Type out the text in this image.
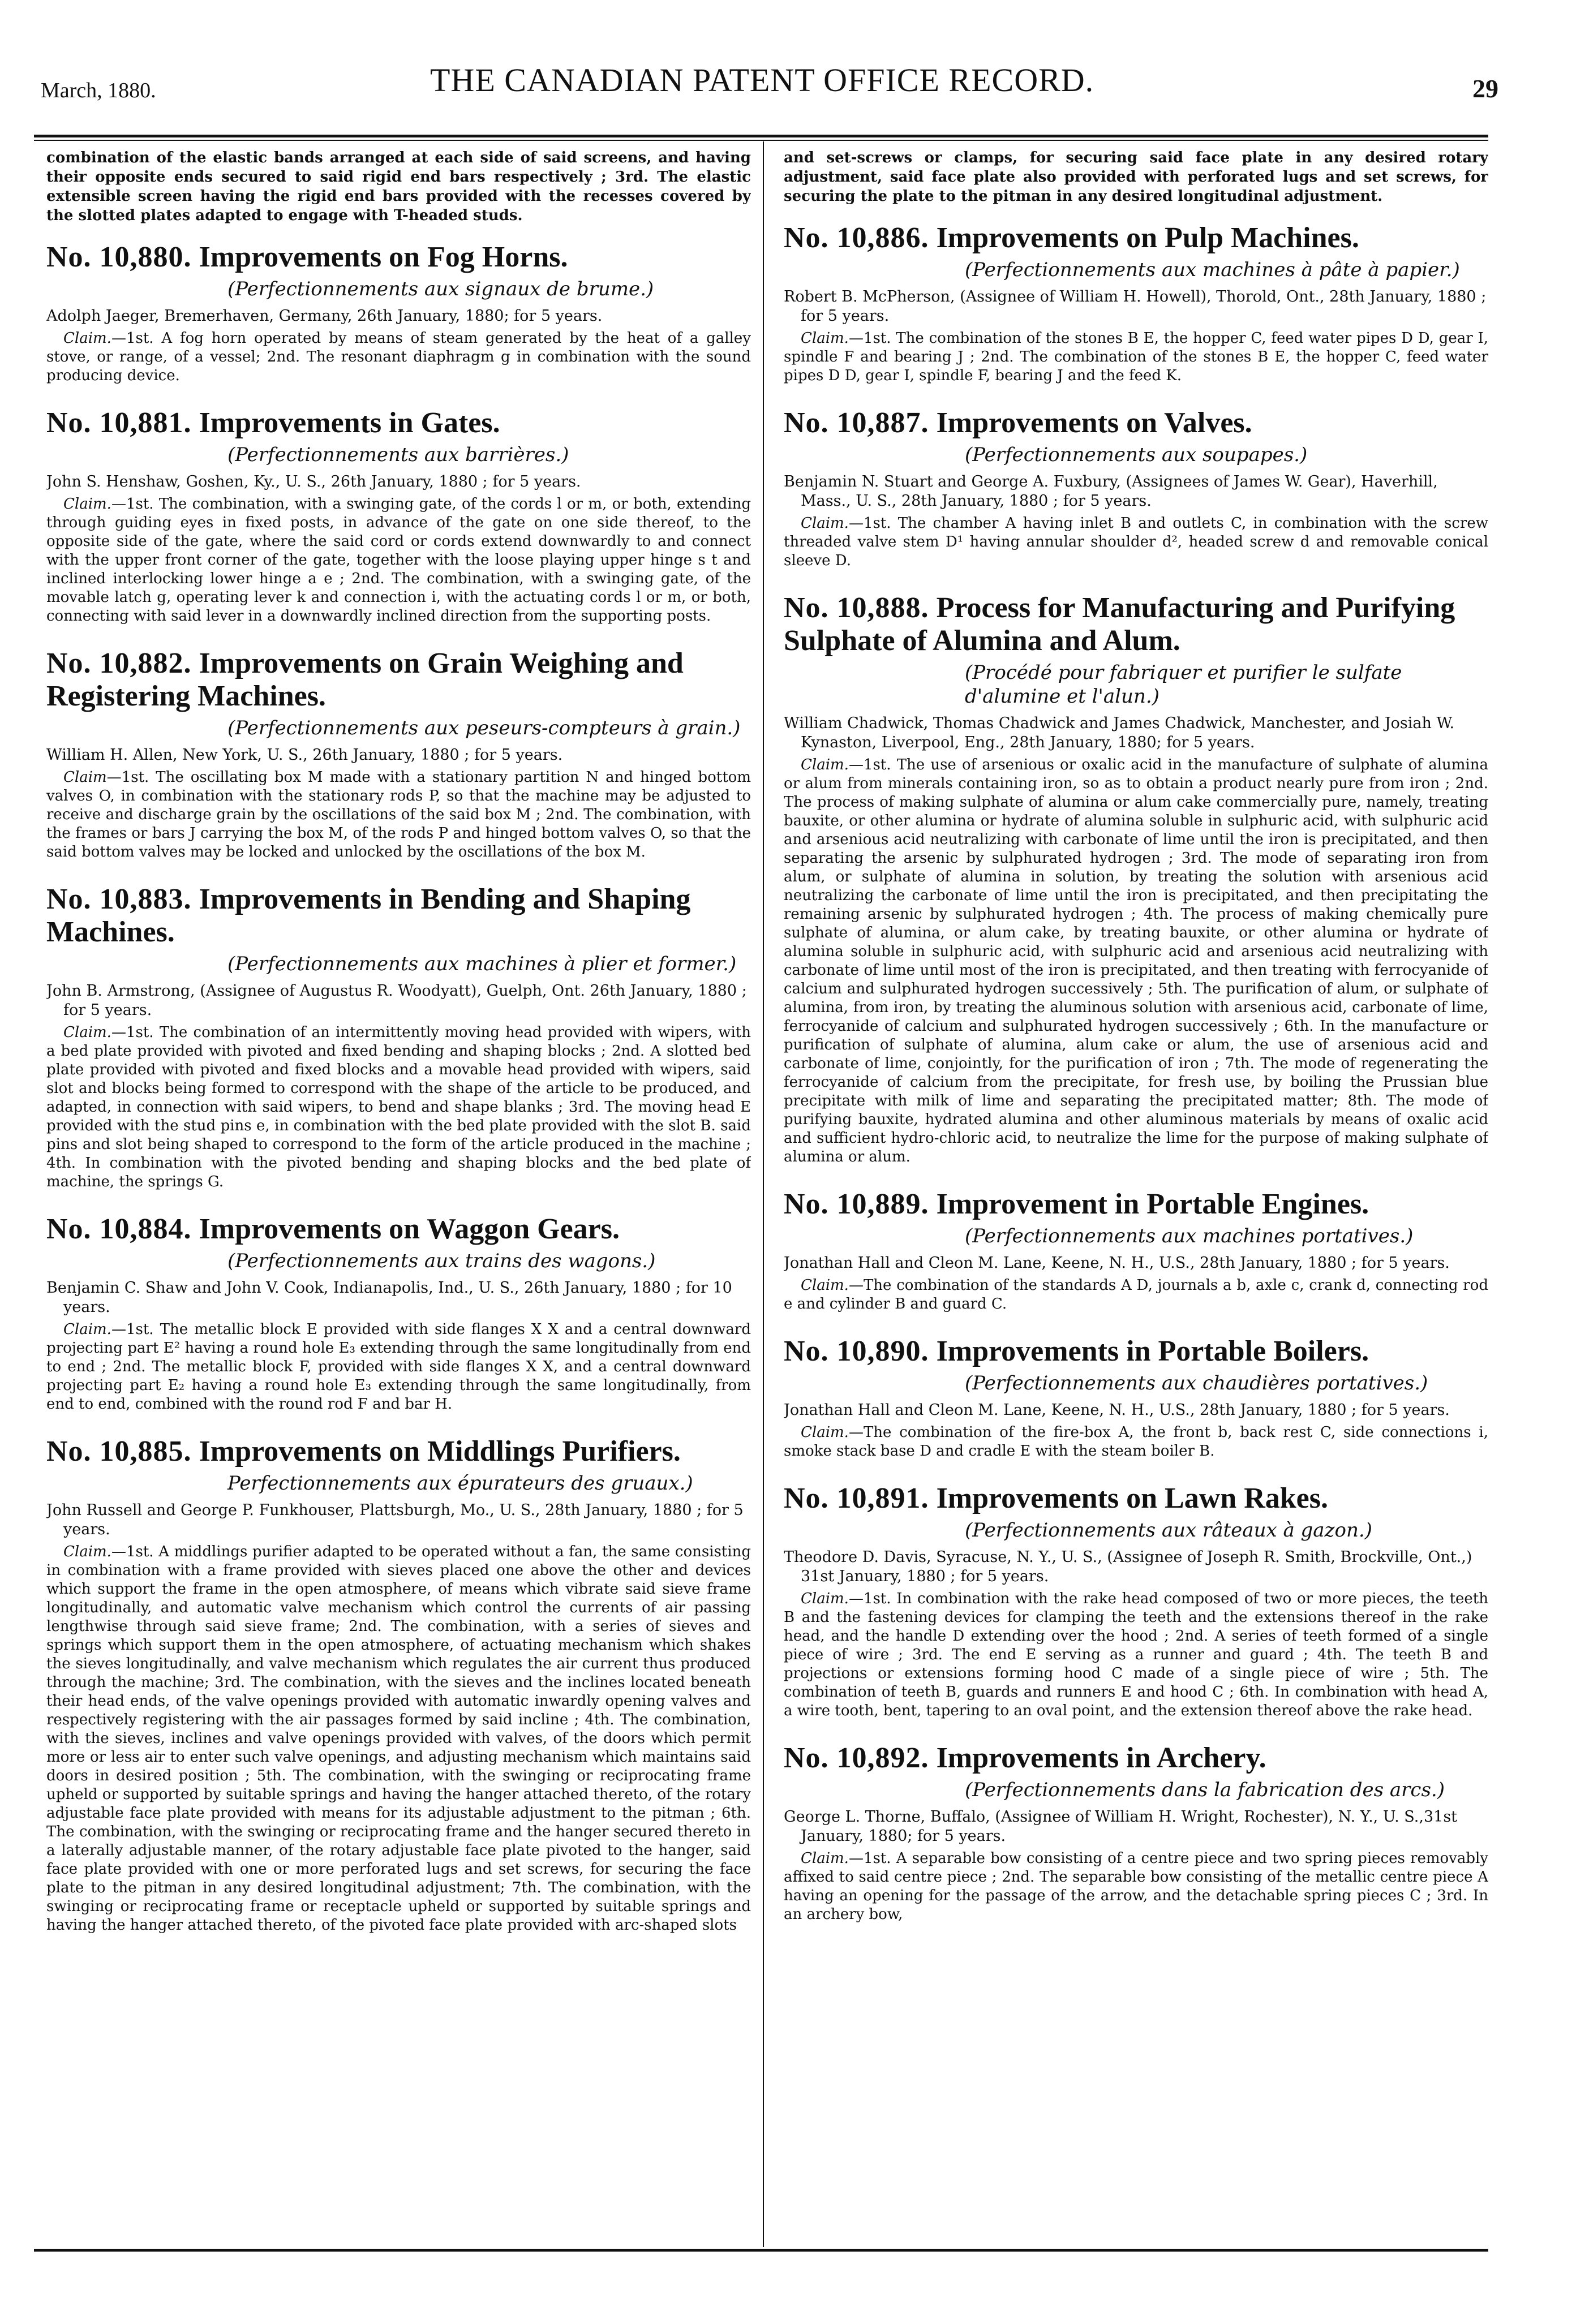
March, 1880.	THE CANADIAN PATENT OFFICE RECORD.	29
combination of the elastic bands arranged at each side of said screens, and having their opposite ends secured to said rigid end bars respectively ; 3rd. The elastic extensible screen having the rigid end bars provided with the recesses covered by the slotted plates adapted to engage with T-headed studs.
No. 10,880. Improvements on Fog Horns.
(Perfectionnements aux signaux de brume.)
Adolph Jaeger, Bremerhaven, Germany, 26th January, 1880; for 5 years.
Claim.—1st. A fog horn operated by means of steam generated by the heat of a galley stove, or range, of a vessel; 2nd. The resonant diaphragm g in combination with the sound producing device.
No. 10,881. Improvements in Gates.
(Perfectionnements aux barrières.)
John S. Henshaw, Goshen, Ky., U. S., 26th January, 1880 ; for 5 years.
Claim.—1st. The combination, with a swinging gate, of the cords l or m, or both, extending through guiding eyes in fixed posts, in advance of the gate on one side thereof, to the opposite side of the gate, where the said cord or cords extend downwardly to and connect with the upper front corner of the gate, together with the loose playing upper hinge s t and inclined interlocking lower hinge a e ; 2nd. The combination, with a swinging gate, of the movable latch g, operating lever k and connection i, with the actuating cords l or m, or both, connecting with said lever in a downwardly inclined direction from the supporting posts.
No. 10,882. Improvements on Grain Weighing and Registering Machines.
(Perfectionnements aux peseurs-compteurs à grain.)
William H. Allen, New York, U. S., 26th January, 1880 ; for 5 years.
Claim—1st. The oscillating box M made with a stationary partition N and hinged bottom valves O, in combination with the stationary rods P, so that the machine may be adjusted to receive and discharge grain by the oscillations of the said box M ; 2nd. The combination, with the frames or bars J carrying the box M, of the rods P and hinged bottom valves O, so that the said bottom valves may be locked and unlocked by the oscillations of the box M.
No. 10,883. Improvements in Bending and Shaping Machines.
(Perfectionnements aux machines à plier et former.)
John B. Armstrong, (Assignee of Augustus R. Woodyatt), Guelph, Ont. 26th January, 1880 ; for 5 years.
Claim.—1st. The combination of an intermittently moving head provided with wipers, with a bed plate provided with pivoted and fixed bending and shaping blocks ; 2nd. A slotted bed plate provided with pivoted and fixed blocks and a movable head provided with wipers, said slot and blocks being formed to correspond with the shape of the article to be produced, and adapted, in connection with said wipers, to bend and shape blanks ; 3rd. The moving head E provided with the stud pins e, in combination with the bed plate provided with the slot B. said pins and slot being shaped to correspond to the form of the article produced in the machine ; 4th. In combination with the pivoted bending and shaping blocks and the bed plate of machine, the springs G.
No. 10,884. Improvements on Waggon Gears.
(Perfectionnements aux trains des wagons.)
Benjamin C. Shaw and John V. Cook, Indianapolis, Ind., U. S., 26th January, 1880 ; for 10 years.
Claim.—1st. The metallic block E provided with side flanges X X and a central downward projecting part E² having a round hole E₃ extending through the same longitudinally from end to end ; 2nd. The metallic block F, provided with side flanges X X, and a central downward projecting part E₂ having a round hole E₃ extending through the same longitudinally, from end to end, combined with the round rod F and bar H.
No. 10,885. Improvements on Middlings Purifiers.
Perfectionnements aux épurateurs des gruaux.)
John Russell and George P. Funkhouser, Plattsburgh, Mo., U. S., 28th January, 1880 ; for 5 years.
Claim.—1st. A middlings purifier adapted to be operated without a fan, the same consisting in combination with a frame provided with sieves placed one above the other and devices which support the frame in the open atmosphere, of means which vibrate said sieve frame longitudinally, and automatic valve mechanism which control the currents of air passing lengthwise through said sieve frame; 2nd. The combination, with a series of sieves and springs which support them in the open atmosphere, of actuating mechanism which shakes the sieves longitudinally, and valve mechanism which regulates the air current thus produced through the machine; 3rd. The combination, with the sieves and the inclines located beneath their head ends, of the valve openings provided with automatic inwardly opening valves and respectively registering with the air passages formed by said incline ; 4th. The combination, with the sieves, inclines and valve openings provided with valves, of the doors which permit more or less air to enter such valve openings, and adjusting mechanism which maintains said doors in desired position ; 5th. The combination, with the swinging or reciprocating frame upheld or supported by suitable springs and having the hanger attached thereto, of the rotary adjustable face plate provided with means for its adjustable adjustment to the pitman ; 6th. The combination, with the swinging or reciprocating frame and the hanger secured thereto in a laterally adjustable manner, of the rotary adjustable face plate pivoted to the hanger, said face plate provided with one or more perforated lugs and set screws, for securing the face plate to the pitman in any desired longitudinal adjustment; 7th. The combination, with the swinging or reciprocating frame or receptacle upheld or supported by suitable springs and having the hanger attached thereto, of the pivoted face plate provided with arc-shaped slots
and set-screws or clamps, for securing said face plate in any desired rotary adjustment, said face plate also provided with perforated lugs and set screws, for securing the plate to the pitman in any desired longitudinal adjustment.
No. 10,886. Improvements on Pulp Machines.
(Perfectionnements aux machines à pâte à papier.)
Robert B. McPherson, (Assignee of William H. Howell), Thorold, Ont., 28th January, 1880 ; for 5 years.
Claim.—1st. The combination of the stones B E, the hopper C, feed water pipes D D, gear I, spindle F and bearing J ; 2nd. The combination of the stones B E, the hopper C, feed water pipes D D, gear I, spindle F, bearing J and the feed K.
No. 10,887. Improvements on Valves.
(Perfectionnements aux soupapes.)
Benjamin N. Stuart and George A. Fuxbury, (Assignees of James W. Gear), Haverhill, Mass., U. S., 28th January, 1880 ; for 5 years.
Claim.—1st. The chamber A having inlet B and outlets C, in combination with the screw threaded valve stem D¹ having annular shoulder d², headed screw d and removable conical sleeve D.
No. 10,888. Process for Manufacturing and Purifying Sulphate of Alumina and Alum.
(Procédé pour fabriquer et purifier le sulfate d'alumine et l'alun.)
William Chadwick, Thomas Chadwick and James Chadwick, Manchester, and Josiah W. Kynaston, Liverpool, Eng., 28th January, 1880; for 5 years.
Claim.—1st. The use of arsenious or oxalic acid in the manufacture of sulphate of alumina or alum from minerals containing iron, so as to obtain a product nearly pure from iron ; 2nd. The process of making sulphate of alumina or alum cake commercially pure, namely, treating bauxite, or other alumina or hydrate of alumina soluble in sulphuric acid, with sulphuric acid and arsenious acid neutralizing with carbonate of lime until the iron is precipitated, and then separating the arsenic by sulphurated hydrogen ; 3rd. The mode of separating iron from alum, or sulphate of alumina in solution, by treating the solution with arsenious acid neutralizing the carbonate of lime until the iron is precipitated, and then precipitating the remaining arsenic by sulphurated hydrogen ; 4th. The process of making chemically pure sulphate of alumina, or alum cake, by treating bauxite, or other alumina or hydrate of alumina soluble in sulphuric acid, with sulphuric acid and arsenious acid neutralizing with carbonate of lime until most of the iron is precipitated, and then treating with ferrocyanide of calcium and sulphurated hydrogen successively ; 5th. The purification of alum, or sulphate of alumina, from iron, by treating the aluminous solution with arsenious acid, carbonate of lime, ferrocyanide of calcium and sulphurated hydrogen successively ; 6th. In the manufacture or purification of sulphate of alumina, alum cake or alum, the use of arsenious acid and carbonate of lime, conjointly, for the purification of iron ; 7th. The mode of regenerating the ferrocyanide of calcium from the precipitate, for fresh use, by boiling the Prussian blue precipitate with milk of lime and separating the precipitated matter; 8th. The mode of purifying bauxite, hydrated alumina and other aluminous materials by means of oxalic acid and sufficient hydro-chloric acid, to neutralize the lime for the purpose of making sulphate of alumina or alum.
No. 10,889. Improvement in Portable Engines.
(Perfectionnements aux machines portatives.)
Jonathan Hall and Cleon M. Lane, Keene, N. H., U.S., 28th January, 1880 ; for 5 years.
Claim.—The combination of the standards A D, journals a b, axle c, crank d, connecting rod e and cylinder B and guard C.
No. 10,890. Improvements in Portable Boilers.
(Perfectionnements aux chaudières portatives.)
Jonathan Hall and Cleon M. Lane, Keene, N. H., U.S., 28th January, 1880 ; for 5 years.
Claim.—The combination of the fire-box A, the front b, back rest C, side connections i, smoke stack base D and cradle E with the steam boiler B.
No. 10,891. Improvements on Lawn Rakes.
(Perfectionnements aux râteaux à gazon.)
Theodore D. Davis, Syracuse, N. Y., U. S., (Assignee of Joseph R. Smith, Brockville, Ont.,) 31st January, 1880 ; for 5 years.
Claim.—1st. In combination with the rake head composed of two or more pieces, the teeth B and the fastening devices for clamping the teeth and the extensions thereof in the rake head, and the handle D extending over the hood ; 2nd. A series of teeth formed of a single piece of wire ; 3rd. The end E serving as a runner and guard ; 4th. The teeth B and projections or extensions forming hood C made of a single piece of wire ; 5th. The combination of teeth B, guards and runners E and hood C ; 6th. In combination with head A, a wire tooth, bent, tapering to an oval point, and the extension thereof above the rake head.
No. 10,892. Improvements in Archery.
(Perfectionnements dans la fabrication des arcs.)
George L. Thorne, Buffalo, (Assignee of William H. Wright, Rochester), N. Y., U. S.,31st January, 1880; for 5 years.
Claim.—1st. A separable bow consisting of a centre piece and two spring pieces removably affixed to said centre piece ; 2nd. The separable bow consisting of the metallic centre piece A having an opening for the passage of the arrow, and the detachable spring pieces C ; 3rd. In an archery bow,
